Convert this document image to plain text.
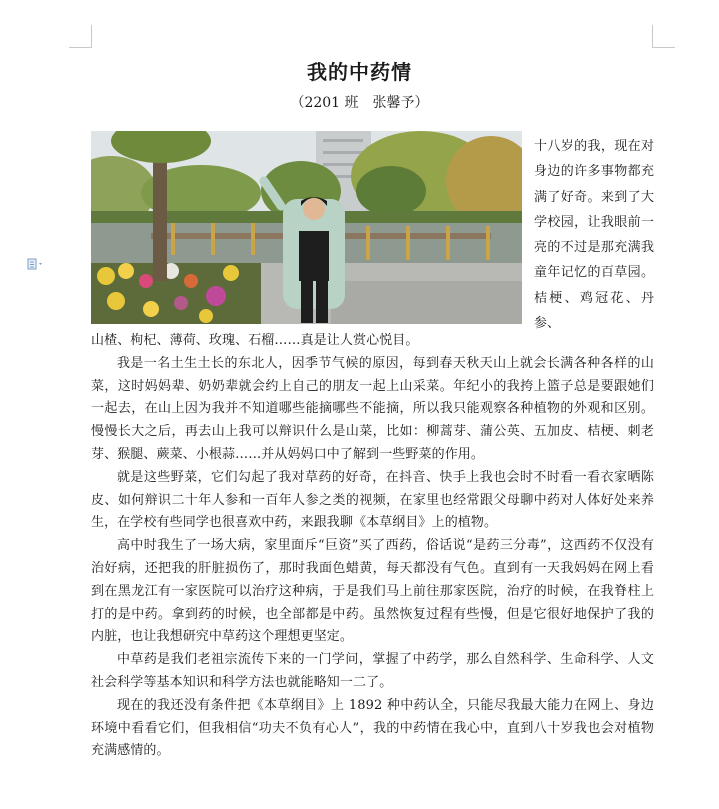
我的中药情
（2201 班　张馨予）

十八岁的我，现在对身边的许多事物都充满了好奇。来到了大学校园，让我眼前一亮的不过是那充满我童年记忆的百草园。桔梗、鸡冠花、丹参、

山楂、枸杞、薄荷、玫瑰、石榴……真是让人赏心悦目。

我是一名土生土长的东北人，因季节气候的原因，每到春天秋天山上就会长满各种各样的山菜，这时妈妈辈、奶奶辈就会约上自己的朋友一起上山采菜。年纪小的我挎上篮子总是要跟她们一起去，在山上因为我并不知道哪些能摘哪些不能摘，所以我只能观察各种植物的外观和区别。慢慢长大之后，再去山上我可以辩识什么是山菜，比如：柳蒿芽、蒲公英、五加皮、桔梗、刺老芽、猴腿、蕨菜、小根蒜……并从妈妈口中了解到一些野菜的作用。

就是这些野菜，它们勾起了我对草药的好奇，在抖音、快手上我也会时不时看一看衣家晒陈皮、如何辩识二十年人参和一百年人参之类的视频，在家里也经常跟父母聊中药对人体好处来养生，在学校有些同学也很喜欢中药，来跟我聊《本草纲目》上的植物。

高中时我生了一场大病，家里面斥“巨资”买了西药，俗话说“是药三分毒”，这西药不仅没有治好病，还把我的肝脏损伤了，那时我面色蜡黄，每天都没有气色。直到有一天我妈妈在网上看到在黑龙江有一家医院可以治疗这种病，于是我们马上前往那家医院，治疗的时候，在我脊柱上打的是中药。拿到药的时候，也全部都是中药。虽然恢复过程有些慢，但是它很好地保护了我的内脏，也让我想研究中草药这个理想更坚定。

中草药是我们老祖宗流传下来的一门学问，掌握了中药学，那么自然科学、生命科学、人文社会科学等基本知识和科学方法也就能略知一二了。

现在的我还没有条件把《本草纲目》上 1892 种中药认全，只能尽我最大能力在网上、身边环境中看看它们，但我相信“功夫不负有心人”，我的中药情在我心中，直到八十岁我也会对植物充满感情的。
